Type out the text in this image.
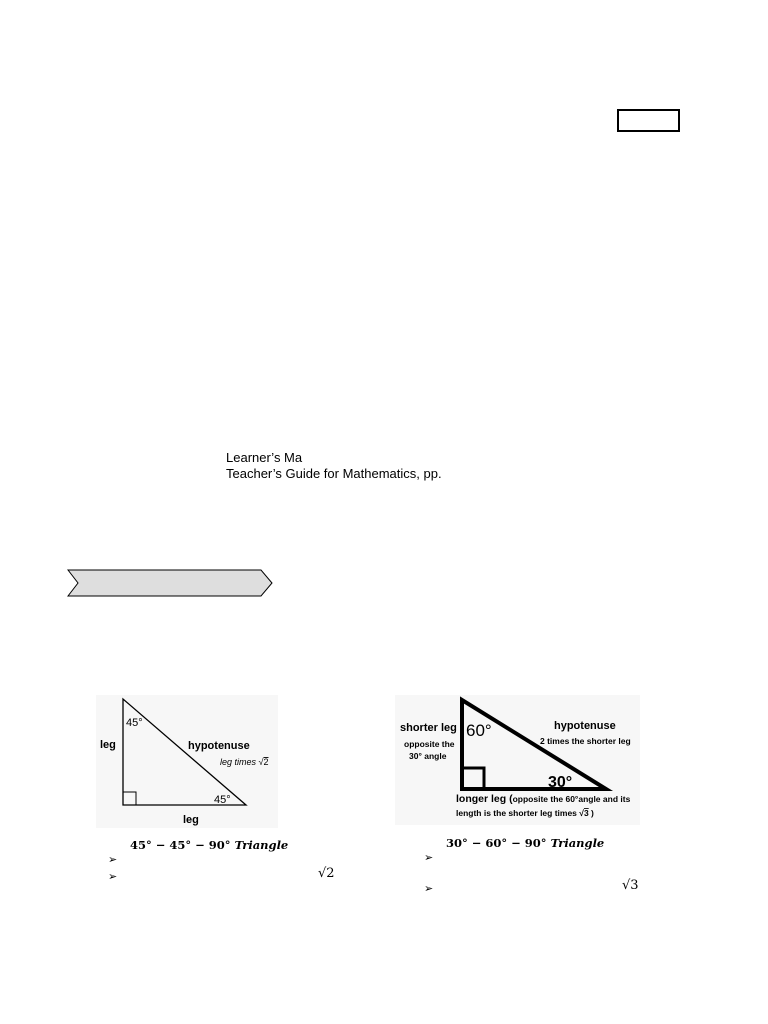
Learner’s Ma
Teacher’s Guide for Mathematics, pp.
45°
45°
leg
leg
hypotenuse
leg times √2
60°
30°
shorter leg
opposite the
30° angle
hypotenuse
2 times the shorter leg
longer leg (opposite the 60°angle and its
length is the shorter leg times √3 )
45° − 45° − 90° Triangle	30° − 60° − 90° Triangle
➢
➢	√2
➢
➢	√3
